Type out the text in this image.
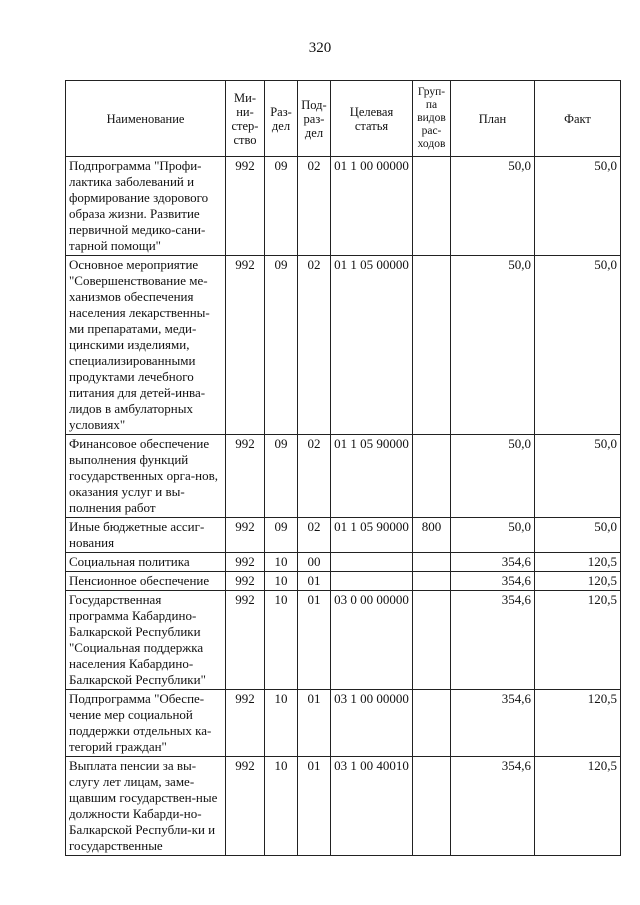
320
Наименование	Ми-
ни-
стер-
ство	Раз-
дел	Под-
раз-
дел	Целевая
статья	Груп-
па
видов
рас-
ходов	План	Факт
Подпрограмма "Профи-лактика заболеваний и формирование здорового образа жизни. Развитие первичной медико-сани-тарной помощи"	992	09	02	01 1 00 00000		50,0	50,0
Основное мероприятие "Совершенствование ме-ханизмов обеспечения населения лекарственны-ми препаратами, меди-цинскими изделиями, специализированными продуктами лечебного питания для детей-инва-лидов в амбулаторных условиях"	992	09	02	01 1 05 00000		50,0	50,0
Финансовое обеспечение выполнения функций государственных орга-нов, оказания услуг и вы-полнения работ	992	09	02	01 1 05 90000		50,0	50,0
Иные бюджетные ассиг-нования	992	09	02	01 1 05 90000	800	50,0	50,0
Социальная политика	992	10	00			354,6	120,5
Пенсионное обеспечение	992	10	01			354,6	120,5
Государственная программа Кабардино-Балкарской Республики "Социальная поддержка населения Кабардино-Балкарской Республики"	992	10	01	03 0 00 00000		354,6	120,5
Подпрограмма "Обеспе-чение мер социальной поддержки отдельных ка-тегорий граждан"	992	10	01	03 1 00 00000		354,6	120,5
Выплата пенсии за вы-слугу лет лицам, заме-щавшим государствен-ные должности Кабарди-но-Балкарской Республи-ки и государственные	992	10	01	03 1 00 40010		354,6	120,5
